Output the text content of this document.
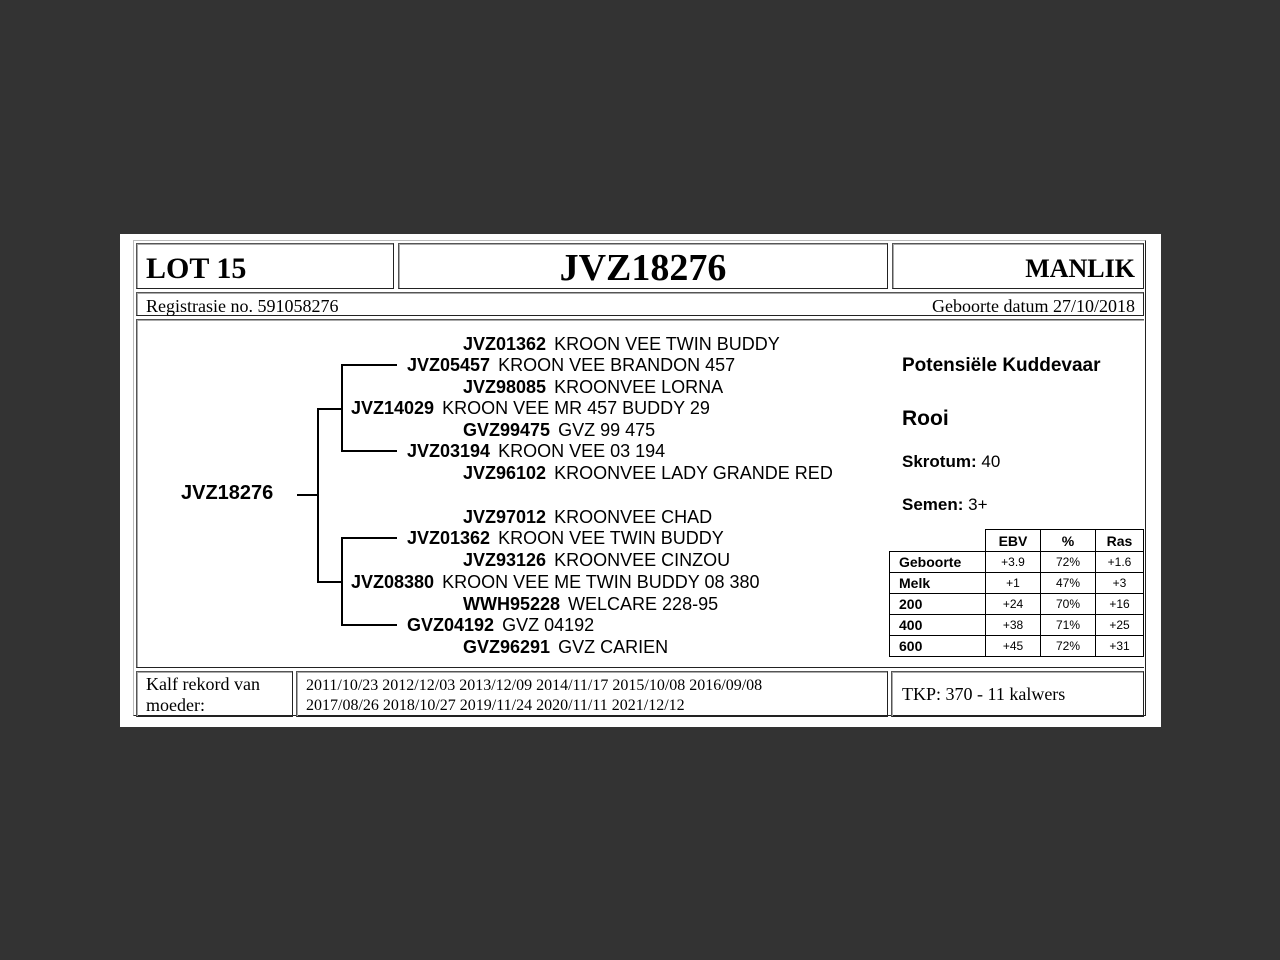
LOT 15	JVZ18276	MANLIK
Registrasie no. 591058276	Geboorte datum 27/10/2018
JVZ18276
JVZ01362 KROON VEE TWIN BUDDY
JVZ05457 KROON VEE BRANDON 457
JVZ98085 KROONVEE LORNA
JVZ14029 KROON VEE MR 457 BUDDY 29
GVZ99475 GVZ 99 475
JVZ03194 KROON VEE 03 194
JVZ96102 KROONVEE LADY GRANDE RED
JVZ97012 KROONVEE CHAD
JVZ01362 KROON VEE TWIN BUDDY
JVZ93126 KROONVEE CINZOU
JVZ08380 KROON VEE ME TWIN BUDDY 08 380
WWH95228 WELCARE 228-95
GVZ04192 GVZ 04192
GVZ96291 GVZ CARIEN
Potensiële Kuddevaar
Rooi
Skrotum: 40
Semen: 3+
	EBV	%	Ras
Geboorte	+3.9	72%	+1.6
Melk	+1	47%	+3
200	+24	70%	+16
400	+38	71%	+25
600	+45	72%	+31
Kalf rekord van
moeder:
2011/10/23 2012/12/03 2013/12/09 2014/11/17 2015/10/08 2016/09/08
2017/08/26 2018/10/27 2019/11/24 2020/11/11 2021/12/12
TKP: 370 - 11 kalwers
